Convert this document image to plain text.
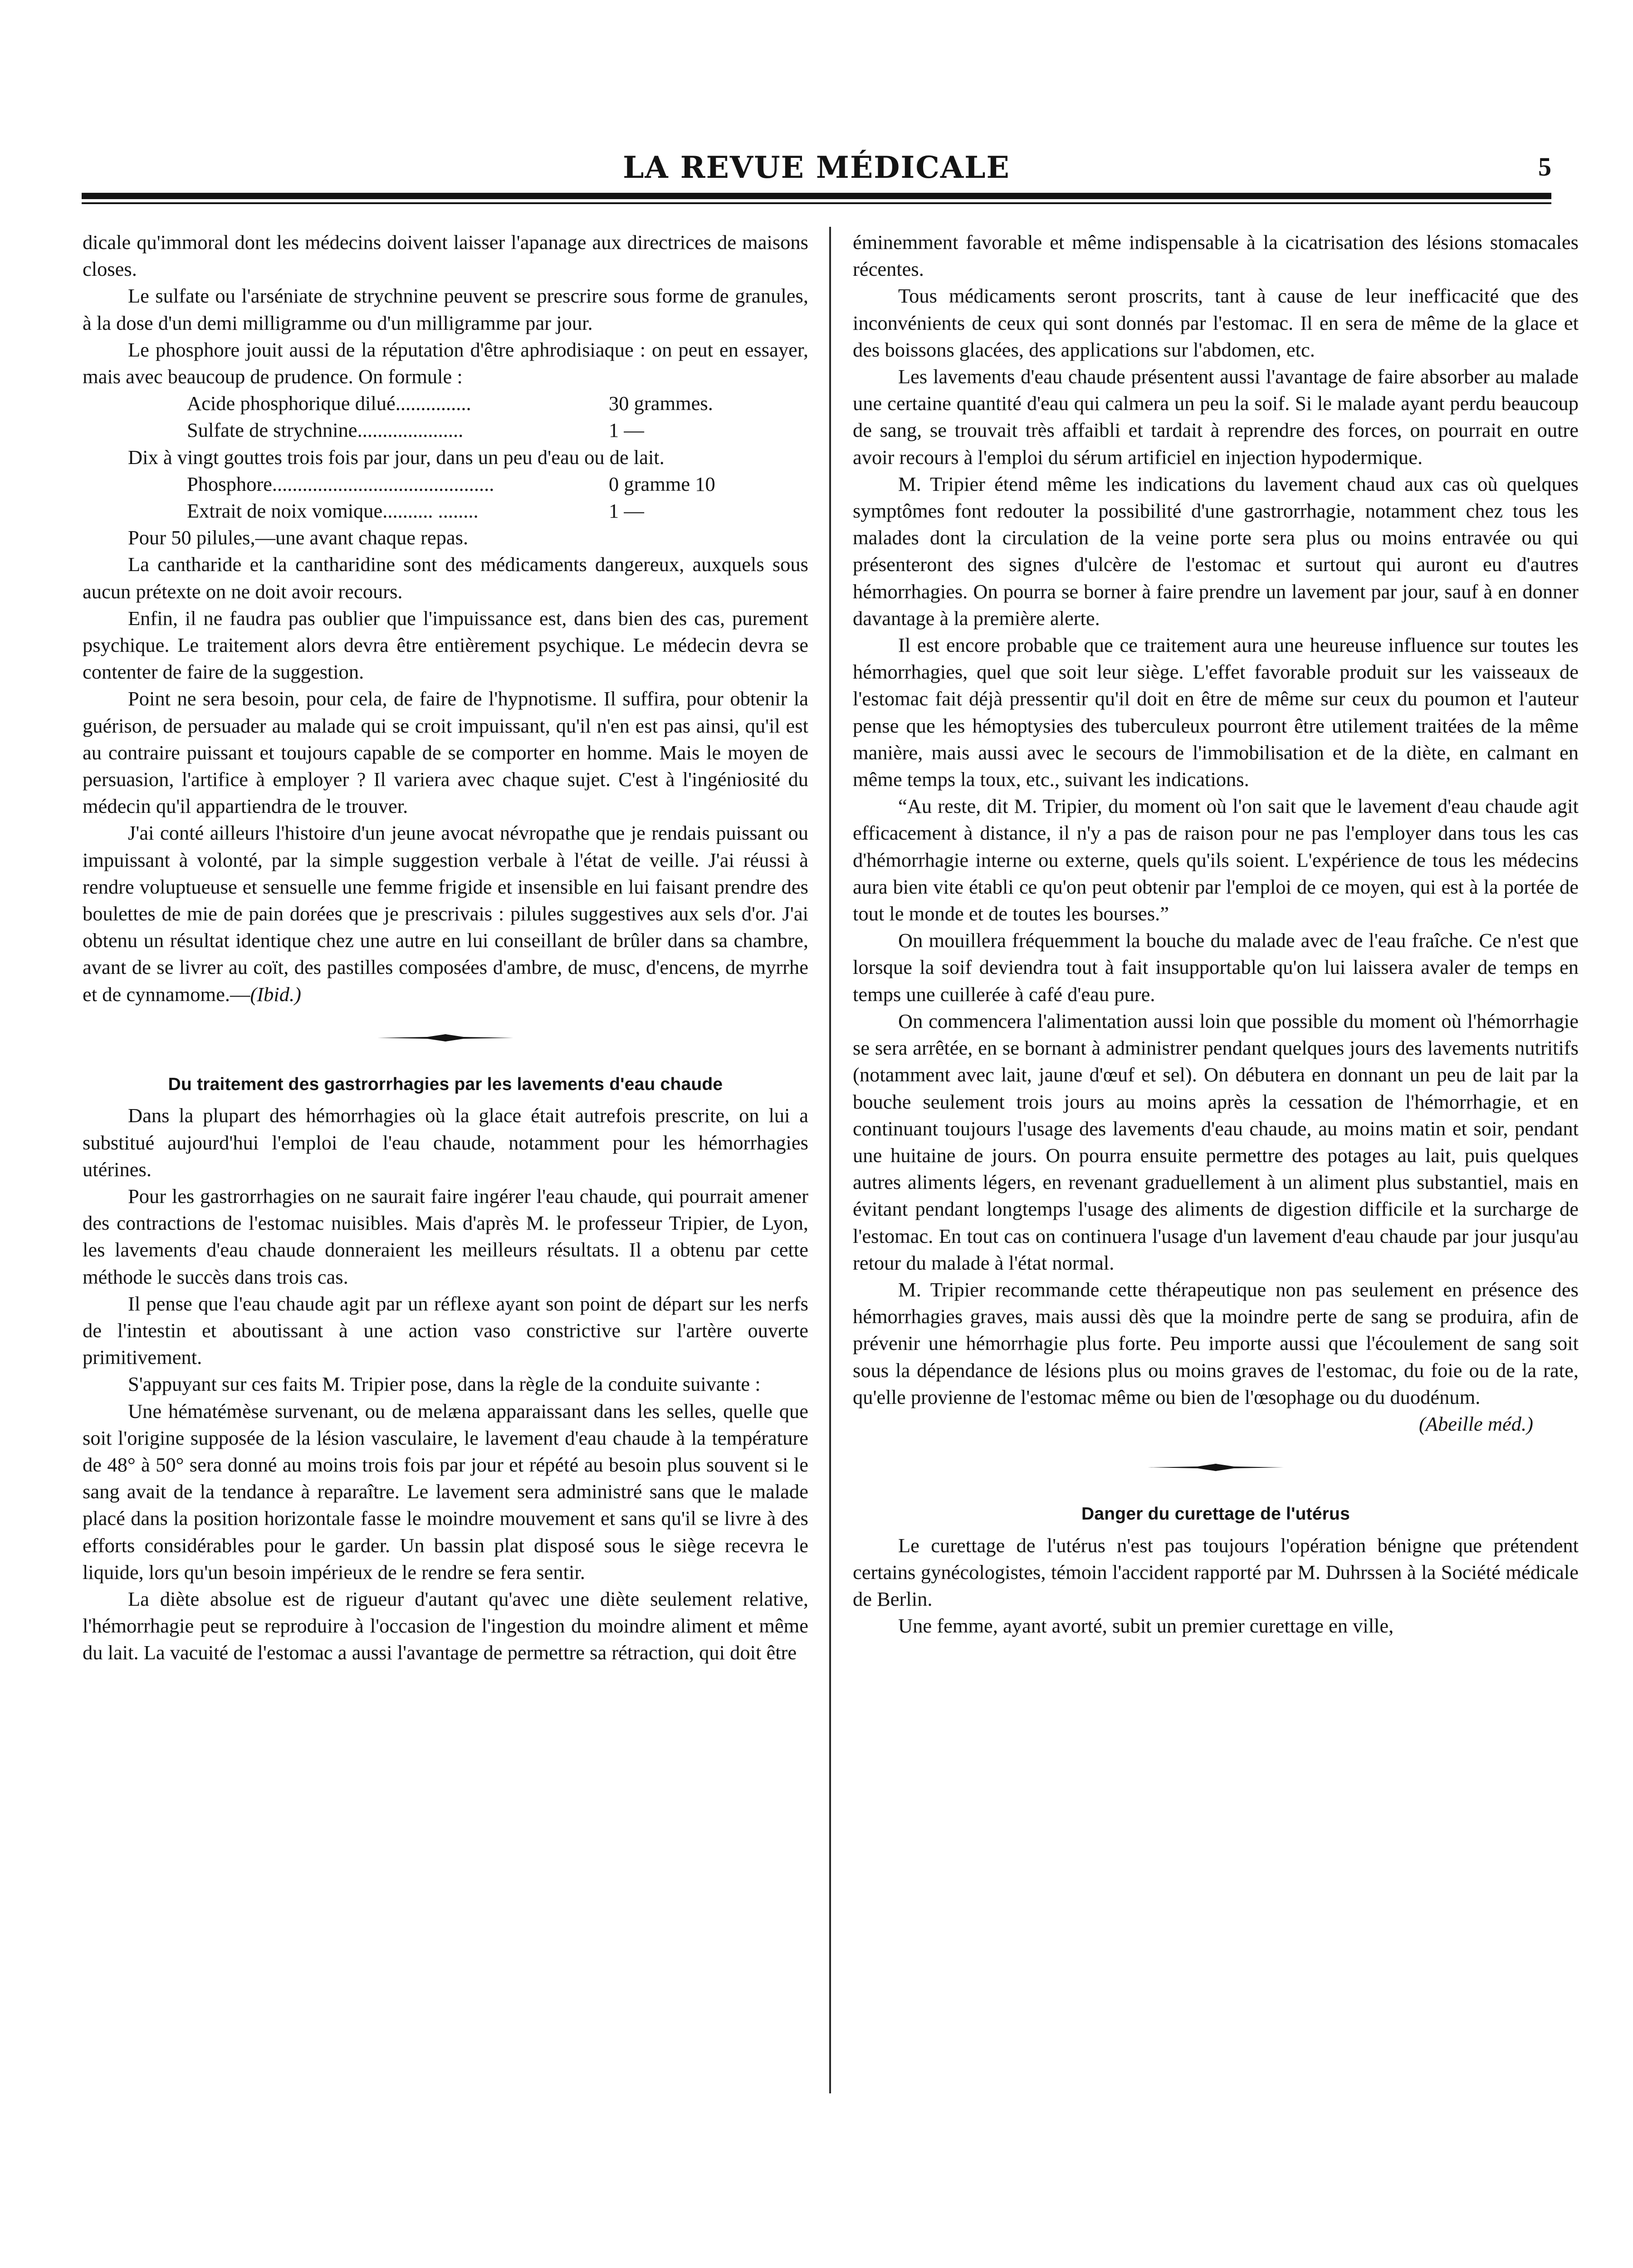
LA REVUE MÉDICALE	5

dicale qu'immoral dont les médecins doivent laisser l'apanage aux directrices de maisons closes.

Le sulfate ou l'arséniate de strychnine peuvent se prescrire sous forme de granules, à la dose d'un demi milligramme ou d'un milligramme par jour.

Le phosphore jouit aussi de la réputation d'être aphrodisiaque : on peut en essayer, mais avec beaucoup de prudence. On formule :

Acide phosphorique dilué...............	30 grammes.
Sulfate de strychnine.....................	1 —

Dix à vingt gouttes trois fois par jour, dans un peu d'eau ou de lait.

Phosphore............................................	0 gramme 10
Extrait de noix vomique.......... ........	1 —

Pour 50 pilules,—une avant chaque repas.

La cantharide et la cantharidine sont des médicaments dangereux, auxquels sous aucun prétexte on ne doit avoir recours.

Enfin, il ne faudra pas oublier que l'impuissance est, dans bien des cas, purement psychique. Le traitement alors devra être entièrement psychique. Le médecin devra se contenter de faire de la suggestion.

Point ne sera besoin, pour cela, de faire de l'hypnotisme. Il suffira, pour obtenir la guérison, de persuader au malade qui se croit impuissant, qu'il n'en est pas ainsi, qu'il est au contraire puissant et toujours capable de se comporter en homme. Mais le moyen de persuasion, l'artifice à employer ? Il variera avec chaque sujet. C'est à l'ingéniosité du médecin qu'il appartiendra de le trouver.

J'ai conté ailleurs l'histoire d'un jeune avocat névropathe que je rendais puissant ou impuissant à volonté, par la simple suggestion verbale à l'état de veille. J'ai réussi à rendre voluptueuse et sensuelle une femme frigide et insensible en lui faisant prendre des boulettes de mie de pain dorées que je prescrivais : pilules suggestives aux sels d'or. J'ai obtenu un résultat identique chez une autre en lui conseillant de brûler dans sa chambre, avant de se livrer au coït, des pastilles composées d'ambre, de musc, d'encens, de myrrhe et de cynnamome.—(Ibid.)

Du traitement des gastrorrhagies par les lavements d'eau chaude

Dans la plupart des hémorrhagies où la glace était autrefois prescrite, on lui a substitué aujourd'hui l'emploi de l'eau chaude, notamment pour les hémorrhagies utérines.

Pour les gastrorrhagies on ne saurait faire ingérer l'eau chaude, qui pourrait amener des contractions de l'estomac nuisibles. Mais d'après M. le professeur Tripier, de Lyon, les lavements d'eau chaude donneraient les meilleurs résultats. Il a obtenu par cette méthode le succès dans trois cas.

Il pense que l'eau chaude agit par un réflexe ayant son point de départ sur les nerfs de l'intestin et aboutissant à une action vaso constrictive sur l'artère ouverte primitivement.

S'appuyant sur ces faits M. Tripier pose, dans la règle de la conduite suivante :

Une hématémèse survenant, ou de melæna apparaissant dans les selles, quelle que soit l'origine supposée de la lésion vasculaire, le lavement d'eau chaude à la température de 48° à 50° sera donné au moins trois fois par jour et répété au besoin plus souvent si le sang avait de la tendance à reparaître. Le lavement sera administré sans que le malade placé dans la position horizontale fasse le moindre mouvement et sans qu'il se livre à des efforts considérables pour le garder. Un bassin plat disposé sous le siège recevra le liquide, lors qu'un besoin impérieux de le rendre se fera sentir.

La diète absolue est de rigueur d'autant qu'avec une diète seulement relative, l'hémorrhagie peut se reproduire à l'occasion de l'ingestion du moindre aliment et même du lait. La vacuité de l'estomac a aussi l'avantage de permettre sa rétraction, qui doit être

éminemment favorable et même indispensable à la cicatrisation des lésions stomacales récentes.

Tous médicaments seront proscrits, tant à cause de leur inefficacité que des inconvénients de ceux qui sont donnés par l'estomac. Il en sera de même de la glace et des boissons glacées, des applications sur l'abdomen, etc.

Les lavements d'eau chaude présentent aussi l'avantage de faire absorber au malade une certaine quantité d'eau qui calmera un peu la soif. Si le malade ayant perdu beaucoup de sang, se trouvait très affaibli et tardait à reprendre des forces, on pourrait en outre avoir recours à l'emploi du sérum artificiel en injection hypodermique.

M. Tripier étend même les indications du lavement chaud aux cas où quelques symptômes font redouter la possibilité d'une gastrorrhagie, notamment chez tous les malades dont la circulation de la veine porte sera plus ou moins entravée ou qui présenteront des signes d'ulcère de l'estomac et surtout qui auront eu d'autres hémorrhagies. On pourra se borner à faire prendre un lavement par jour, sauf à en donner davantage à la première alerte.

Il est encore probable que ce traitement aura une heureuse influence sur toutes les hémorrhagies, quel que soit leur siège. L'effet favorable produit sur les vaisseaux de l'estomac fait déjà pressentir qu'il doit en être de même sur ceux du poumon et l'auteur pense que les hémoptysies des tuberculeux pourront être utilement traitées de la même manière, mais aussi avec le secours de l'immobilisation et de la diète, en calmant en même temps la toux, etc., suivant les indications.

“Au reste, dit M. Tripier, du moment où l'on sait que le lavement d'eau chaude agit efficacement à distance, il n'y a pas de raison pour ne pas l'employer dans tous les cas d'hémorrhagie interne ou externe, quels qu'ils soient. L'expérience de tous les médecins aura bien vite établi ce qu'on peut obtenir par l'emploi de ce moyen, qui est à la portée de tout le monde et de toutes les bourses.”

On mouillera fréquemment la bouche du malade avec de l'eau fraîche. Ce n'est que lorsque la soif deviendra tout à fait insupportable qu'on lui laissera avaler de temps en temps une cuillerée à café d'eau pure.

On commencera l'alimentation aussi loin que possible du moment où l'hémorrhagie se sera arrêtée, en se bornant à administrer pendant quelques jours des lavements nutritifs (notamment avec lait, jaune d'œuf et sel). On débutera en donnant un peu de lait par la bouche seulement trois jours au moins après la cessation de l'hémorrhagie, et en continuant toujours l'usage des lavements d'eau chaude, au moins matin et soir, pendant une huitaine de jours. On pourra ensuite permettre des potages au lait, puis quelques autres aliments légers, en revenant graduellement à un aliment plus substantiel, mais en évitant pendant longtemps l'usage des aliments de digestion difficile et la surcharge de l'estomac. En tout cas on continuera l'usage d'un lavement d'eau chaude par jour jusqu'au retour du malade à l'état normal.

M. Tripier recommande cette thérapeutique non pas seulement en présence des hémorrhagies graves, mais aussi dès que la moindre perte de sang se produira, afin de prévenir une hémorrhagie plus forte. Peu importe aussi que l'écoulement de sang soit sous la dépendance de lésions plus ou moins graves de l'estomac, du foie ou de la rate, qu'elle provienne de l'estomac même ou bien de l'œsophage ou du duodénum.

(Abeille méd.)
Danger du curettage de l'utérus

Le curettage de l'utérus n'est pas toujours l'opération bénigne que prétendent certains gynécologistes, témoin l'accident rapporté par M. Duhrssen à la Société médicale de Berlin.

Une femme, ayant avorté, subit un premier curettage en ville,
